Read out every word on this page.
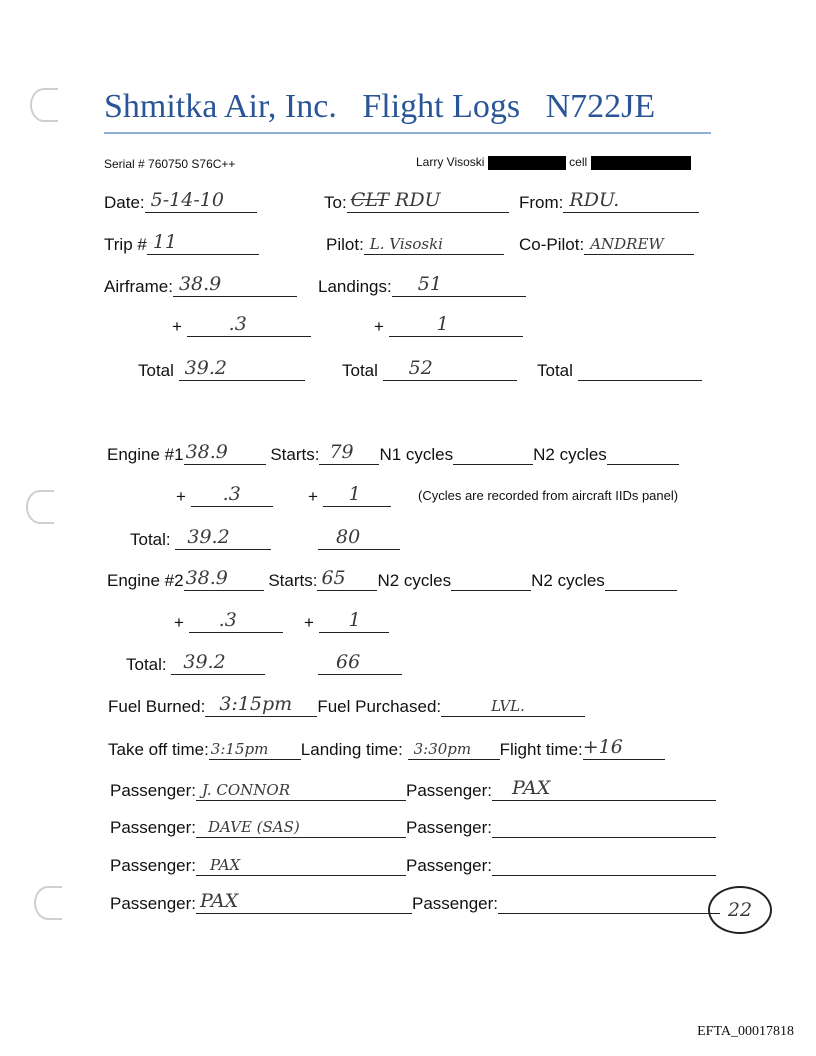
Shmitka Air, Inc. Flight Logs N722JE
Serial # 760750 S76C++	Larry Visoski	cell
Date: 5-14-10	To: CLT RDU	From: RDU.
Trip # 11	Pilot: L. Visoski	Co-Pilot: ANDREW
Airframe: 38.9	Landings: 51
+ .3	+	1
Total 39.2	Total 52	Total
Engine #1 38.9 Starts: 79 N1 cycles	N2 cycles
+ .3	+ 1	(Cycles are recorded from aircraft IIDs panel)
Total: 39.2	80
Engine #2 38.9 Starts: 65 N2 cycles	N2 cycles
+ .3	+ 1
Total: 39.2	66
Fuel Burned: 3:15pm Fuel Purchased:	LVL.
Take off time: 3:15pm Landing time: 3:30pm Flight time: +16
Passenger: J. CONNOR	Passenger: PAX
Passenger: DAVE (SAS)	Passenger:
Passenger: PAX	Passenger:
Passenger: PAX	Passenger:	22
EFTA_00017818
